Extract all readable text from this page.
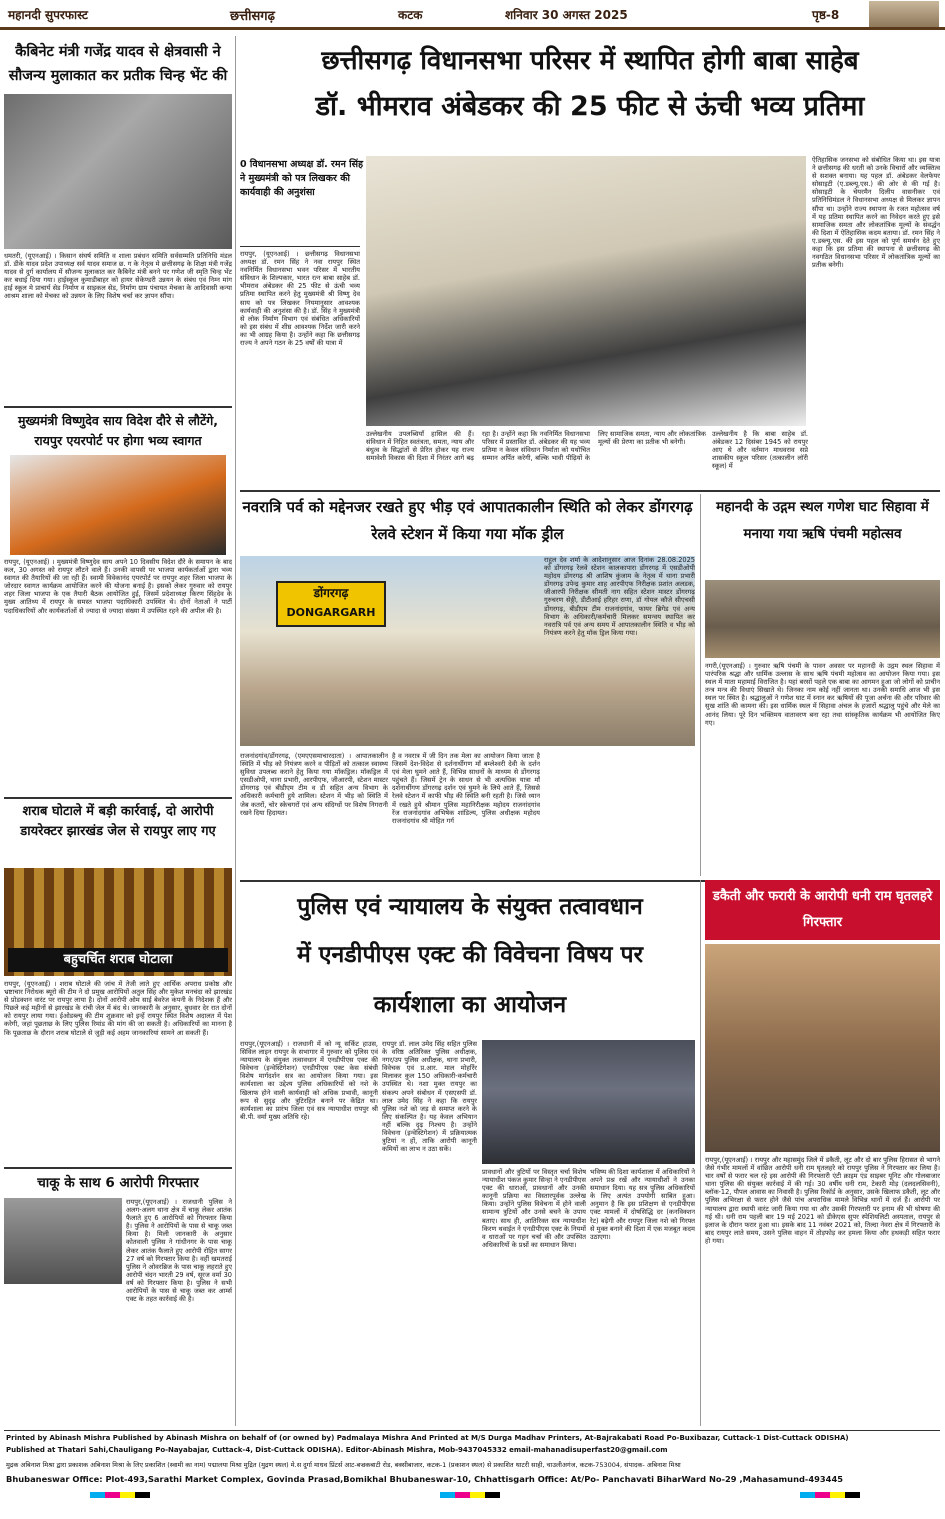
महानदी सुपरफास्ट	छत्तीसगढ़	कटक	शनिवार 30 अगस्त 2025	पृष्ठ-8
कैबिनेट मंत्री गजेंद्र यादव से क्षेत्रवासी ने सौजन्य मुलाकात कर प्रतीक चिन्ह भेंट की
धमतरी, (यूएनआई) । किसान संघर्ष समिति व शाला प्रबंधन समिति सर्वसम्मति प्रतिनिधि मंडल डॉ. डीके यादव प्रदेश उपाध्यक्ष सर्व यादव समाज छ. ग के नेतृत्व मे छत्तीसगढ़ के शिक्षा मंत्री गजेंद्र यादव से दुर्ग कार्यालय में सौजन्य मुलाकात कर कैबिनेट मंत्री बनने पर गणेश जी स्मृति चिन्ह भेंट कर बधाई दिया गया। हाईस्कूल कुमाडीबाहर को हायर सेकेण्डरी उन्नयन के संबंध एवं निम्न मांग हाई स्कूल मे प्राचार्य सेड निर्माण व साइकल सेड, निर्माण ग्राम पंचायत मेचका के आदिवासी कन्या आश्रम शाला को मेचका को उन्नयन के लिए विशेष चर्चा कर ज्ञापन सौंपा।
मुख्यमंत्री विष्णुदेव साय विदेश दौरे से लौटेंगे, रायपुर एयरपोर्ट पर होगा भव्य स्वागत
रायपुर, (यूएनआई) । मुख्यमंत्री विष्णुदेव साय अपने 10 दिवसीय विदेश दौरे के समापन के बाद कल, 30 अगस्त को रायपुर लौटने वाले हैं। उनकी वापसी पर भाजपा कार्यकर्ताओं द्वारा भव्य स्वागत की तैयारियों की जा रही हैं। स्वामी विवेकानंद एयरपोर्ट पर रायपुर शहर जिला भाजपा के जोरदार स्वागत कार्यक्रम आयोजित करने की योजना बनाई है। इसको लेकर गुरुवार को रायपुर शहर जिला भाजपा के एक तैयारी बैठक आयोजित हुई, जिसमें प्रदेशाध्यक्ष किरण सिंहदेव के मुख्य आतिथ्य में रायपुर के समस्त भाजपा पदाधिकारी उपस्थित थे। दोनों नेताओं ने पार्टी पदाधिकारियों और कार्यकर्ताओं से ज्यादा से ज्यादा संख्या में उपस्थित रहने की अपील की है।
शराब घोटाले में बड़ी कार्रवाई, दो आरोपी डायरेक्टर झारखंड जेल से रायपुर लाए गए
बहुचर्चित शराब घोटाला
रायपुर, (यूएनआई) । शराब घोटाले की जांच में तेजी लाते हुए आर्थिक अपराध प्रकोष्ठ और भ्रष्टाचार निरोधक ब्यूरो की टीम ने दो प्रमुख आरोपियों अतुल सिंह और मुकेश मनचंदा को झारखंड से प्रोडक्शन वारंट पर रायपुर लाया है। दोनों आरोपी ओम साई बेवरेज कंपनी के निदेशक हैं और पिछले कई महीनों से झारखंड के रांची जेल में बंद थे। जानकारी के अनुसार, बुधवार देर रात दोनों को रायपुर लाया गया। ईओडब्ल्यू की टीम शुक्रवार को इन्हें रायपुर स्थित विशेष अदालत में पेश करेगी, जहां पूछताछ के लिए पुलिस रिमांड की मांग की जा सकती है। अधिकारियों का मानना है कि पूछताछ के दौरान शराब घोटाले से जुड़ी कई अहम जानकारियां सामने आ सकती हैं।
चाकू के साथ 6 आरोपी गिरफ्तार
रायपुर,(यूएनआई) । राजधानी पुलिस ने अलग-अलग थाना क्षेत्र में चाकू लेकर आतंक फैलाते हुए 6 आरोपियों को गिरफ्तार किया है। पुलिस ने आरोपियों के पास से चाकू जब्त किया है। मिली जानकारी के अनुसार कोतवाली पुलिस ने गांधीनगर के पास चाकू लेकर आतंक फैलाते हुए आरोपी रोहित सागर 27 वर्ष को गिरफ्तार किया है। वहीं खमतराई पुलिस ने ओवरब्रिज के पास चाकू लहराते हुए आरोपी चंदन भारती 29 वर्ष, सूरज वर्मा 30 वर्ष को गिरफ्तार किया है। पुलिस ने सभी आरोपियों के पास से चाकू जब्त कर आर्म्स एक्ट के तहत कार्रवाई की है।
छत्तीसगढ़ विधानसभा परिसर में स्थापित होगी बाबा साहेब
डॉ. भीमराव अंबेडकर की 25 फीट से ऊंची भव्य प्रतिमा
0 विधानसभा अध्यक्ष डॉ. रमन सिंह ने मुख्यमंत्री को पत्र लिखकर की कार्यवाही की अनुशंसा
रायपुर, (यूएनआई) । छत्तीसगढ़ विधानसभा अध्यक्ष डॉ. रमन सिंह ने नवा रायपुर स्थित नवनिर्मित विधानसभा भवन परिसर में भारतीय संविधान के शिल्पकार, भारत रत्न बाबा साहेब डॉ. भीमराव अंबेडकर की 25 फीट से ऊंची भव्य प्रतिमा स्थापित करने हेतु मुख्यमंत्री श्री विष्णु देव साय को पत्र लिखकर नियमानुसार आवश्यक कार्यवाही की अनुशंसा की है। डॉ. सिंह ने मुख्यमंत्री से लोक निर्माण विभाग एवं संबंधित अधिकारियों को इस संबंध में शीघ्र आवश्यक निर्देश जारी करने का भी आग्रह किया है। उन्होंने कहा कि छत्तीसगढ़ राज्य ने अपने गठन के 25 वर्षों की यात्रा में
उल्लेखनीय उपलब्धियाँ हासिल की हैं। संविधान में निहित स्वतंत्रता, समता, न्याय और बंधुत्व के सिद्धांतों से प्रेरित होकर यह राज्य समावेशी विकास की दिशा में निरंतर आगे बढ़ रहा है। उन्होंने कहा कि नवनिर्मित विधानसभा परिसर में प्रस्तावित डॉ. अंबेडकर की यह भव्य प्रतिमा न केवल संविधान निर्माता को यथोचित सम्मान अर्पित करेगी, बल्कि भावी पीढ़ियों के लिए सामाजिक समता, न्याय और लोकतांत्रिक मूल्यों की प्रेरणा का प्रतीक भी बनेगी।
उल्लेखनीय है कि बाबा साहेब डॉ. अंबेडकर 12 दिसंबर 1945 को रायपुर आए थे और वर्तमान माधवराव सप्रे शासकीय स्कूल परिसर (तत्कालीन लॉरी स्कूल) में
ऐतिहासिक जनसभा को संबोधित किया था। इस यात्रा ने छत्तीसगढ़ की धरती को उनके विचारों और व्यक्तित्व से सशक्त बनाया। यह पहल डॉ. अंबेडकर वेलफेयर सोसाइटी (ए.डब्ल्यू.एस.) की ओर से की गई है। सोसाइटी के चेयरमैन दिलीप वासनीकर एवं प्रतिनिधिमंडल ने विधानसभा अध्यक्ष से मिलकर ज्ञापन सौंपा था। उन्होंने राज्य स्थापना के रजत महोत्सव वर्ष में यह प्रतिमा स्थापित करने का निवेदन करते हुए इसे सामाजिक समता और लोकतांत्रिक मूल्यों के संवर्द्धन की दिशा में ऐतिहासिक कदम बताया। डॉ. रमन सिंह ने ए.डब्ल्यू.एस. की इस पहल को पूर्ण समर्थन देते हुए कहा कि इस प्रतिमा की स्थापना से छत्तीसगढ़ की नवगठित विधानसभा परिसर में लोकतांत्रिक मूल्यों का प्रतीक बनेगी।
नवरात्रि पर्व को मद्देनजर रखते हुए भीड़ एवं आपातकालीन स्थिति को लेकर डोंगरगढ़ रेलवे स्टेशन में किया गया मॉक ड्रील
डोंगरगढ़
DONGARGARH
राजनांदगांव/डोंगरगढ़, (एमएएसमाचारदाता) । आपातकालीन स्थिति में भीड़ को नियंत्रण करने व पीड़ितों को तत्काल स्वास्थ्य सुविधा उपलब्ध कराने हेतु किया गया मॉकड्रिल। मॉकड्रिल में एसडीओपी, थाना प्रभारी, आरपीएफ, जीआरपी, स्टेशन मास्टर डोंगरगढ़ एवं बीडीएम टीम व डी सहित अन्य विभाग के अधिकारी कर्मचारी हुये शामिल। स्टेशन में भीड़ को स्थिति में जेब कतरों, चोर स्केचगरों एवं अन्य संदिग्धों पर विशेष निगरानी रखने दिया हिदायत।
है व नवरात्र में जी दिन तक मेला का आयोजन किया जाता है जिसमें देश-विदेश से दर्शनार्थीगण माँ बम्लेश्वरी देवी के दर्शन एवं मेला घुमने आते हैं, विभिन्न साधनों के माध्यम से डोंगरगढ़ पहुंचते हैं। जिसमें ट्रेन के साधन से भी अत्यधिक यात्रा माँ दर्शनार्थीगण डोंगरगढ़ दर्शन एवं घुमने के लिये आते हैं, जिससे रेलवे स्टेशन में काफी भीड़ की स्थिति बनी रहती है। जिसे ध्यान में रखते हुये श्रीमान पुलिस महानिरीक्षक महोदय राजनांदगांव रेंज राजनांदगांव अभिषेक शांडिल्य, पुलिस अधीक्षक महोदय राजनांदगांव श्री मोहित गर्ग
राहुल देव शर्मा के आदेशानुसार आज दिनांक 28.08.2025 को डोंगरगढ़ रेलवे स्टेशन कालकापारा डोंगरगढ़ में एसडीओपी महोदय डोंगरगढ़ श्री आशिष कुंजाम के नेतृत्व में थाना प्रभारी डोंगरगढ़ उपेन्द्र कुमार शाह आरपीएफ निरीक्षक प्रशांत अलडक, जीआरपी निरीक्षक सीमती नाग सहित स्टेशन मास्टर डोंगरगढ़ गुरुचरण सेठ्ठी, डीटीआई हरिहर राणा, डॉ गोयल कौजे सीएचसी डोंगरगढ़, बीडीएम टीम राजनांदगांव, फायर ब्रिगेड एवं अन्य विभाग के अधिकारी/कर्मचारी मिलकर समन्वय स्थापित कर नवरात्रि पर्व एवं अन्य समय में आपातकालीन स्थिति व भीड़ को नियंत्रण करने हेतु मॉक ड्रिल किया गया।
महानदी के उद्गम स्थल गणेश घाट सिहावा में मनाया गया ऋषि पंचमी महोत्सव
नगरी,(यूएनआई) । गुरुवार ऋषि पंचमी के पावन अवसर पर महानदी के उद्गम स्थल सिहावा में पारंपरिक श्रद्धा और धार्मिक उल्लास के साथ ऋषि पंचमी महोत्सव का आयोजन किया गया। इस स्थल में माता महामाई विराजित है। यहां बरसों पहले एक बाबा का आगमन हुआ जो लोगों को प्राचीन तन्त्र मन्त्र की विधाएं सिखाते थे। जिनका नाम कोई नहीं जानता था। उनकी समाधि आज भी इस स्थल पर स्थित है। श्रद्धालुओं ने गणेश घाट में स्नान कर ऋषियों की पूजा अर्चना की और परिवार की सुख शांति की कामना की। इस धार्मिक स्थल में सिहावा अंचल के हजारों श्रद्धालु पहुंचे और मेले का आनंद लिया। पूरे दिन भक्तिमय वातावरण बना रहा तथा सांस्कृतिक कार्यक्रम भी आयोजित किए गए।
पुलिस एवं न्यायालय के संयुक्त तत्वावधान
में एनडीपीएस एक्ट की विवेचना विषय पर
कार्यशाला का आयोजन
रायपुर,(यूएनआई) । राजधानी में को न्यू सर्किट हाउस, सिविल लाइन रायपुर के सभागार में गुरुवार को पुलिस एवं न्यायालय के संयुक्त तत्वावधान में एनडीपीएस एक्ट की विवेचना (इन्वेस्टिगेशन) एनडीपीएस एक्ट केस संबंधी विशेष मार्गदर्शन सत्र का आयोजन किया गया। इस कार्यशाला का उद्देश्य पुलिस अधिकारियों को नशे के खिलाफ होने वाली कार्यवाही को अधिक प्रभावी, कानूनी रूप से सुदृढ़ और त्रुटिरहित बनाने पर केंद्रित था। कार्यशाला का प्रारंभ जिला एवं सत्र न्यायाधीश रायपुर श्री बी.पी. वर्मा मुख्य अतिथि रहे।
रायपुर डॉ. लाल उमेद सिंह सहित पुलिस के वरिष्ठ अतिरिक्त पुलिस अधीक्षक, नगर/उप पुलिस अधीक्षक, थाना प्रभारी, विवेचक एवं प्र.आर. माल मोहर्रिर मिलाकर कुल 150 अधिकारी-कर्मचारी उपस्थित थे। नशा मुक्त रायपुर का संकल्प अपने संबोधन में एसएसपी डॉ. लाल उमेद सिंह ने कहा कि रायपुर पुलिस नशे को जड़ से समाप्त करने के लिए संकल्पित है। यह केवल अभियान नहीं बल्कि दृढ़ निश्चय है। उन्होंने विवेचना (इन्वेस्टिगेशन) में प्रक्रियात्मक त्रुटियां न हों, ताकि आरोपी कानूनी कमियों का लाभ न उठा सकें।
प्रावधानों और त्रुटियों पर विस्तृत चर्चा विशेष न्यायाधीश पंकज कुमार सिन्हा ने एनडीपीएस एक्ट की धाराओं, प्रावधानों और उनकी कानूनी प्रक्रिया का विस्तारपूर्वक उल्लेख किया। उन्होंने पुलिस विवेचना में होने वाली सामान्य त्रुटियों और उनसे बचने के उपाय बताए। साथ ही, आतिरिक्त सत्र न्यायाधीश किरण थवाईत ने एनडीपीएस एक्ट के नियमों व धाराओं पर गहन चर्चा की और उपस्थित अधिकारियों के प्रश्नों का समाधान किया।
भविष्य की दिशा कार्यशाला में अधिकारियों ने अपने प्रश्न रखें और न्यायाधीशों ने उनका समाधान दिया। यह सत्र पुलिस अधिकारियों के लिए अत्यंत उपयोगी साबित हुआ। अनुमान है कि इस प्रशिक्षण से एनडीपीएस एक्ट मामलों में दोषसिद्धि दर (कनविक्शन रेट) बढ़ेगी और रायपुर जिला नशे को गिरफ्त से मुक्त बनाने की दिशा में एक मजबूत कदम उठाएगा।
डकैती और फरारी के आरोपी धनी राम घृतलहरे गिरफ्तार
रायपुर,(यूएनआई) । रायपुर और महासमुंद जिले में डकैती, लूट और दो बार पुलिस हिरासत से भागने जैसे गंभीर मामलों में वांछित आरोपी धनी राम घृतलहरे को रायपुर पुलिस ने गिरफ्तार कर लिया है। चार वर्षों से फरार चल रहे इस आरोपी की गिरफ्तारी एंटी क्राइम एंड साइबर यूनिट और गोलबाजार थाना पुलिस की संयुक्त कार्रवाई में की गई। 30 वर्षीय धनी राम, टेकारी मोड़ (दलदलसिवनी), ब्लॉक-12, पौपल आवास का निवासी है। पुलिस रिकॉर्ड के अनुसार, उसके खिलाफ डकैती, लूट और पुलिस अभिरक्षा से फरार होने जैसे पांच अपराधिक मामले विभिन्न थानों में दर्ज हैं। आरोपी पर न्यायालय द्वारा स्थायी वारंट जारी किया गया था और उसकी गिरफ्तारी पर इनाम की भी घोषणा की गई थी। धनी राम पहली बार 19 मई 2021 को डीकेएस सुपर स्पेशियलिटी अस्पताल, रायपुर से इलाज के दौरान फरार हुआ था। इसके बाद 11 नवंबर 2021 को, तिल्दा नेवरा क्षेत्र में गिरफ्तारी के बाद रायपुर लाते समय, उसने पुलिस वाहन में तोड़फोड़ कर हमला किया और हथकड़ी सहित फरार हो गया।
Printed by Abinash Mishra Published by Abinash Mishra on behalf of (or owned by) Padmalaya Mishra And Printed at M/S Durga Madhav Printers, At-Bajrakabati Road Po-Buxibazar, Cuttack-1 Dist-Cuttack ODISHA)
Published at Thatari Sahi,Chauligang Po-Nayabajar, Cuttack-4, Dist-Cuttack ODISHA). Editor-Abinash Mishra, Mob-9437045332 email-mahanadisuperfast20@gmail.com
मुद्रक अबिनाश मिश्रा द्वारा प्रकाशक अबिनाश मिश्रा के लिए प्रकाशित (स्वामी का नाम) पद्मालया मिश्रा मुद्रित (मुद्रण स्थल) मे.स दुर्गा माधव प्रिंटर्स आट-बज्रकबाटी रोड, बक्सीबाजार, कटक-1 (प्रकाशन स्थल) से प्रकाशित थाटरी साही, चाउलीअगंज, कटक-753004, संपादक- अबिनाश मिश्रा
Bhubaneswar Office: Plot-493,Sarathi Market Complex, Govinda Prasad,Bomikhal Bhubaneswar-10, Chhattisgarh Office: At/Po- Panchavati BiharWard No-29 ,Mahasamund-493445
